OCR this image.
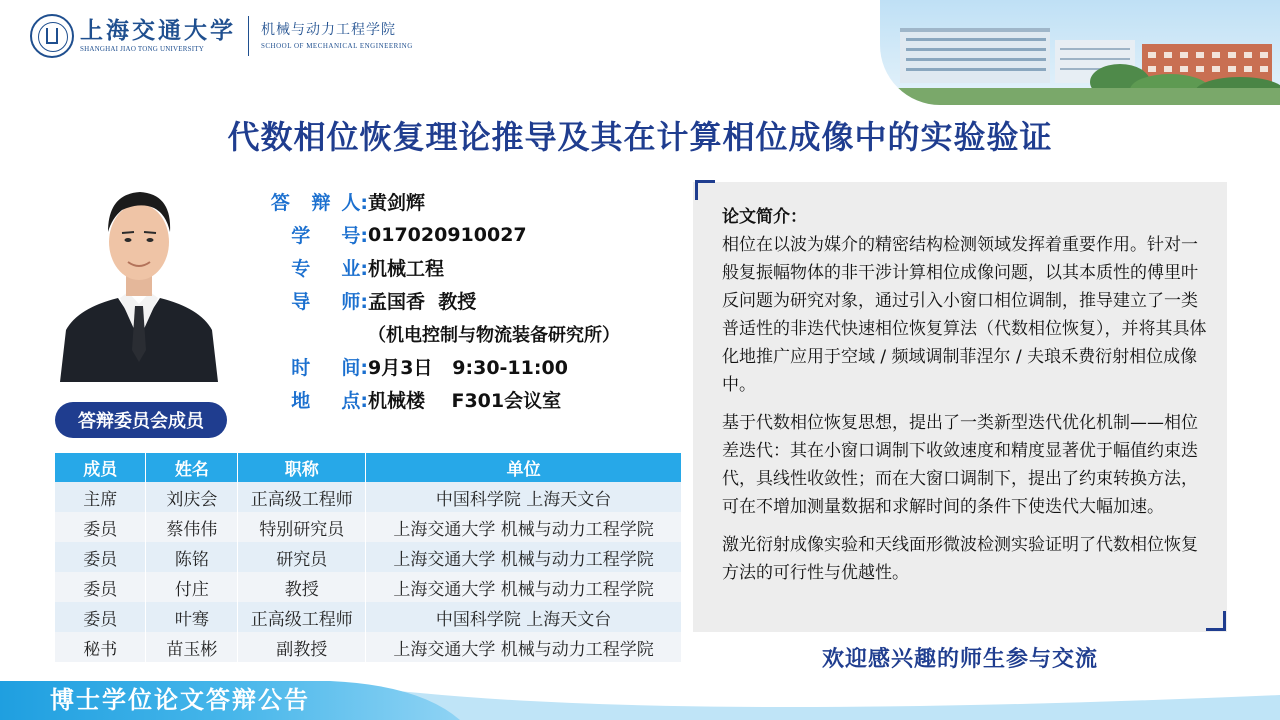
上海交通大学
SHANGHAI JIAO TONG UNIVERSITY
机械与动力工程学院
SCHOOL OF MECHANICAL ENGINEERING
代数相位恢复理论推导及其在计算相位成像中的实验验证
答	辩 人: 黄剑辉
学	号: 017020910027
专	业: 机械工程
导	师: 孟国香  教授
（机电控制与物流装备研究所）
时	间: 9月3日   9:30-11:00
地	点: 机械楼    F301会议室
答辩委员会成员
成员	姓名	职称	单位
主席	刘庆会	正高级工程师	中国科学院 上海天文台
委员	蔡伟伟	特别研究员	上海交通大学 机械与动力工程学院
委员	陈铭	研究员	上海交通大学 机械与动力工程学院
委员	付庄	教授	上海交通大学 机械与动力工程学院
委员	叶骞	正高级工程师	中国科学院 上海天文台
秘书	苗玉彬	副教授	上海交通大学 机械与动力工程学院
论文简介：
相位在以波为媒介的精密结构检测领域发挥着重要作用。针对一般复振幅物体的非干涉计算相位成像问题，以其本质性的傅里叶反问题为研究对象，通过引入小窗口相位调制，推导建立了一类普适性的非迭代快速相位恢复算法（代数相位恢复），并将其具体化地推广应用于空域 / 频域调制菲涅尔 / 夫琅禾费衍射相位成像中。
基于代数相位恢复思想，提出了一类新型迭代优化机制——相位差迭代：其在小窗口调制下收敛速度和精度显著优于幅值约束迭代，具线性收敛性；而在大窗口调制下，提出了约束转换方法，可在不增加测量数据和求解时间的条件下使迭代大幅加速。
激光衍射成像实验和天线面形微波检测实验证明了代数相位恢复方法的可行性与优越性。
欢迎感兴趣的师生参与交流
博士学位论文答辩公告
